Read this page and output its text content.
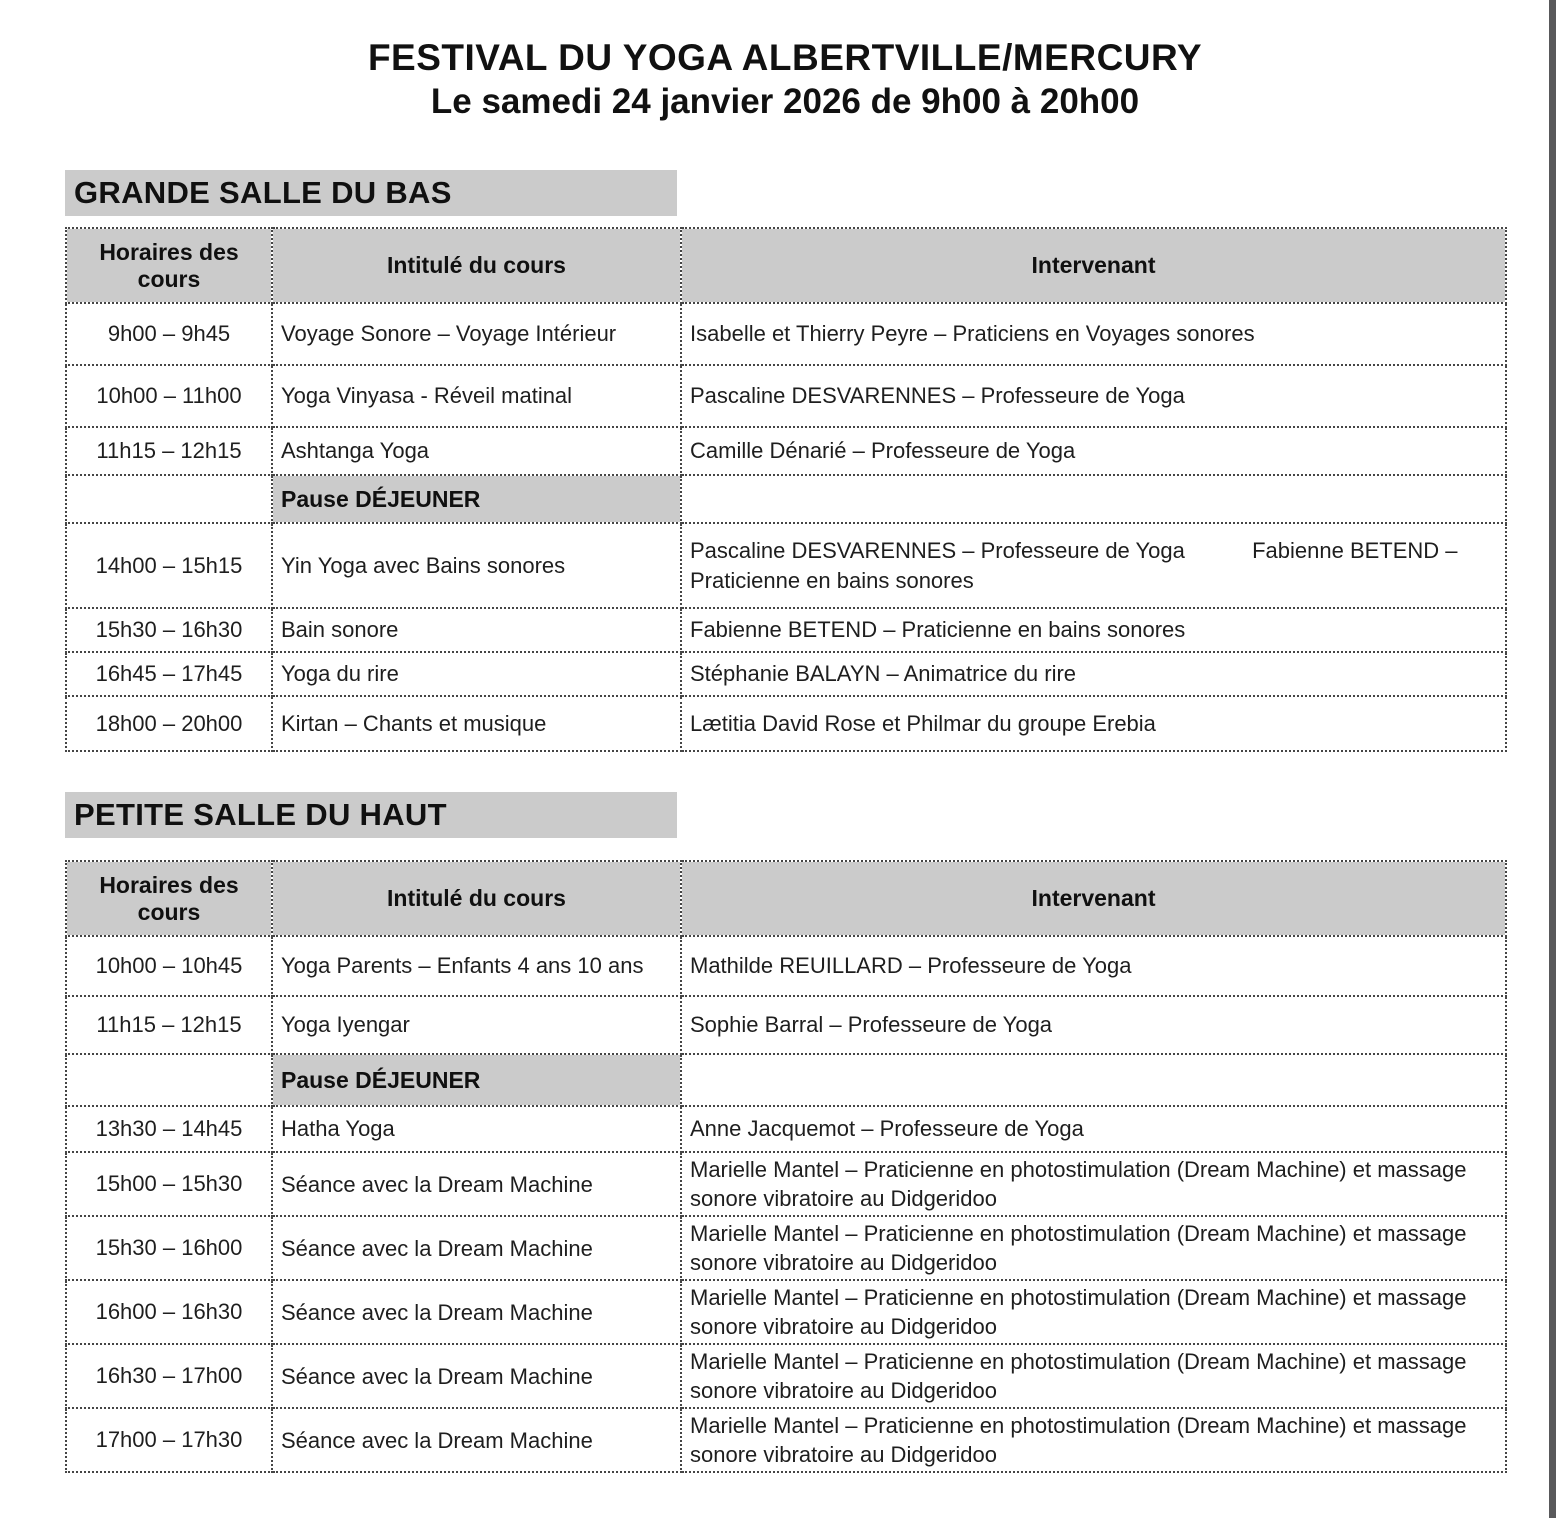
FESTIVAL DU YOGA ALBERTVILLE/MERCURY
Le samedi 24 janvier 2026 de 9h00 à 20h00
GRANDE SALLE DU BAS
Horaires des cours	Intitulé du cours	Intervenant
9h00 – 9h45	Voyage Sonore – Voyage Intérieur	Isabelle et Thierry Peyre – Praticiens en Voyages sonores
10h00 – 11h00	Yoga Vinyasa - Réveil matinal	Pascaline DESVARENNES – Professeure de Yoga
11h15 – 12h15	Ashtanga Yoga	Camille Dénarié – Professeure de Yoga
	Pause DÉJEUNER	
14h00 – 15h15	Yin Yoga avec Bains sonores	Pascaline DESVARENNES – Professeure de Yoga           Fabienne BETEND – Praticienne en bains sonores
15h30 – 16h30	Bain sonore	Fabienne BETEND – Praticienne en bains sonores
16h45 – 17h45	Yoga du rire	Stéphanie BALAYN – Animatrice du rire
18h00 – 20h00	Kirtan – Chants et musique	Lætitia David Rose et Philmar du groupe Erebia
PETITE SALLE DU HAUT
Horaires des cours	Intitulé du cours	Intervenant
10h00 – 10h45	Yoga Parents – Enfants 4 ans 10 ans	Mathilde REUILLARD – Professeure de Yoga
11h15 – 12h15	Yoga Iyengar	Sophie Barral – Professeure de Yoga
	Pause DÉJEUNER	
13h30 – 14h45	Hatha Yoga	Anne Jacquemot – Professeure de Yoga
15h00 – 15h30	Séance avec la Dream Machine	Marielle Mantel – Praticienne en photostimulation (Dream Machine) et massage sonore vibratoire au Didgeridoo
15h30 – 16h00	Séance avec la Dream Machine	Marielle Mantel – Praticienne en photostimulation (Dream Machine) et massage sonore vibratoire au Didgeridoo
16h00 – 16h30	Séance avec la Dream Machine	Marielle Mantel – Praticienne en photostimulation (Dream Machine) et massage sonore vibratoire au Didgeridoo
16h30 – 17h00	Séance avec la Dream Machine	Marielle Mantel – Praticienne en photostimulation (Dream Machine) et massage sonore vibratoire au Didgeridoo
17h00 – 17h30	Séance avec la Dream Machine	Marielle Mantel – Praticienne en photostimulation (Dream Machine) et massage sonore vibratoire au Didgeridoo
